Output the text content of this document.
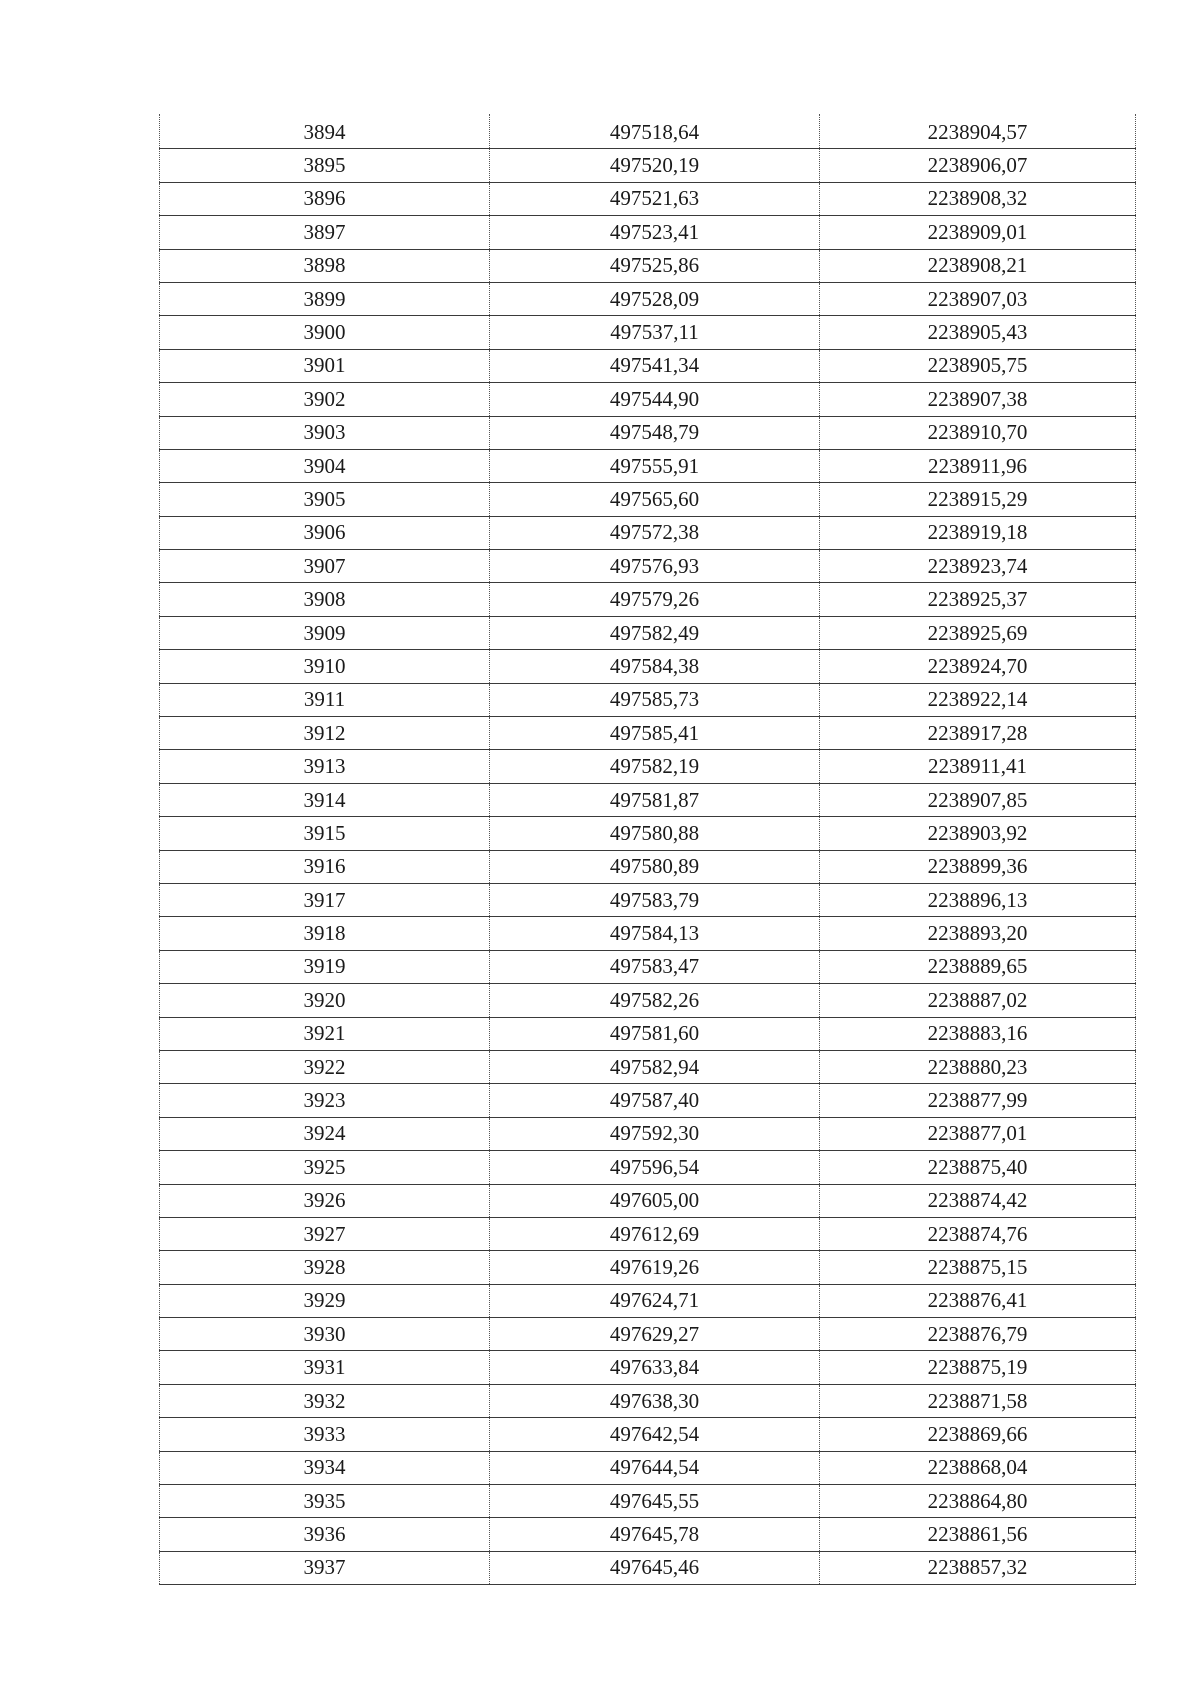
3894	497518,64	2238904,57
3895	497520,19	2238906,07
3896	497521,63	2238908,32
3897	497523,41	2238909,01
3898	497525,86	2238908,21
3899	497528,09	2238907,03
3900	497537,11	2238905,43
3901	497541,34	2238905,75
3902	497544,90	2238907,38
3903	497548,79	2238910,70
3904	497555,91	2238911,96
3905	497565,60	2238915,29
3906	497572,38	2238919,18
3907	497576,93	2238923,74
3908	497579,26	2238925,37
3909	497582,49	2238925,69
3910	497584,38	2238924,70
3911	497585,73	2238922,14
3912	497585,41	2238917,28
3913	497582,19	2238911,41
3914	497581,87	2238907,85
3915	497580,88	2238903,92
3916	497580,89	2238899,36
3917	497583,79	2238896,13
3918	497584,13	2238893,20
3919	497583,47	2238889,65
3920	497582,26	2238887,02
3921	497581,60	2238883,16
3922	497582,94	2238880,23
3923	497587,40	2238877,99
3924	497592,30	2238877,01
3925	497596,54	2238875,40
3926	497605,00	2238874,42
3927	497612,69	2238874,76
3928	497619,26	2238875,15
3929	497624,71	2238876,41
3930	497629,27	2238876,79
3931	497633,84	2238875,19
3932	497638,30	2238871,58
3933	497642,54	2238869,66
3934	497644,54	2238868,04
3935	497645,55	2238864,80
3936	497645,78	2238861,56
3937	497645,46	2238857,32
